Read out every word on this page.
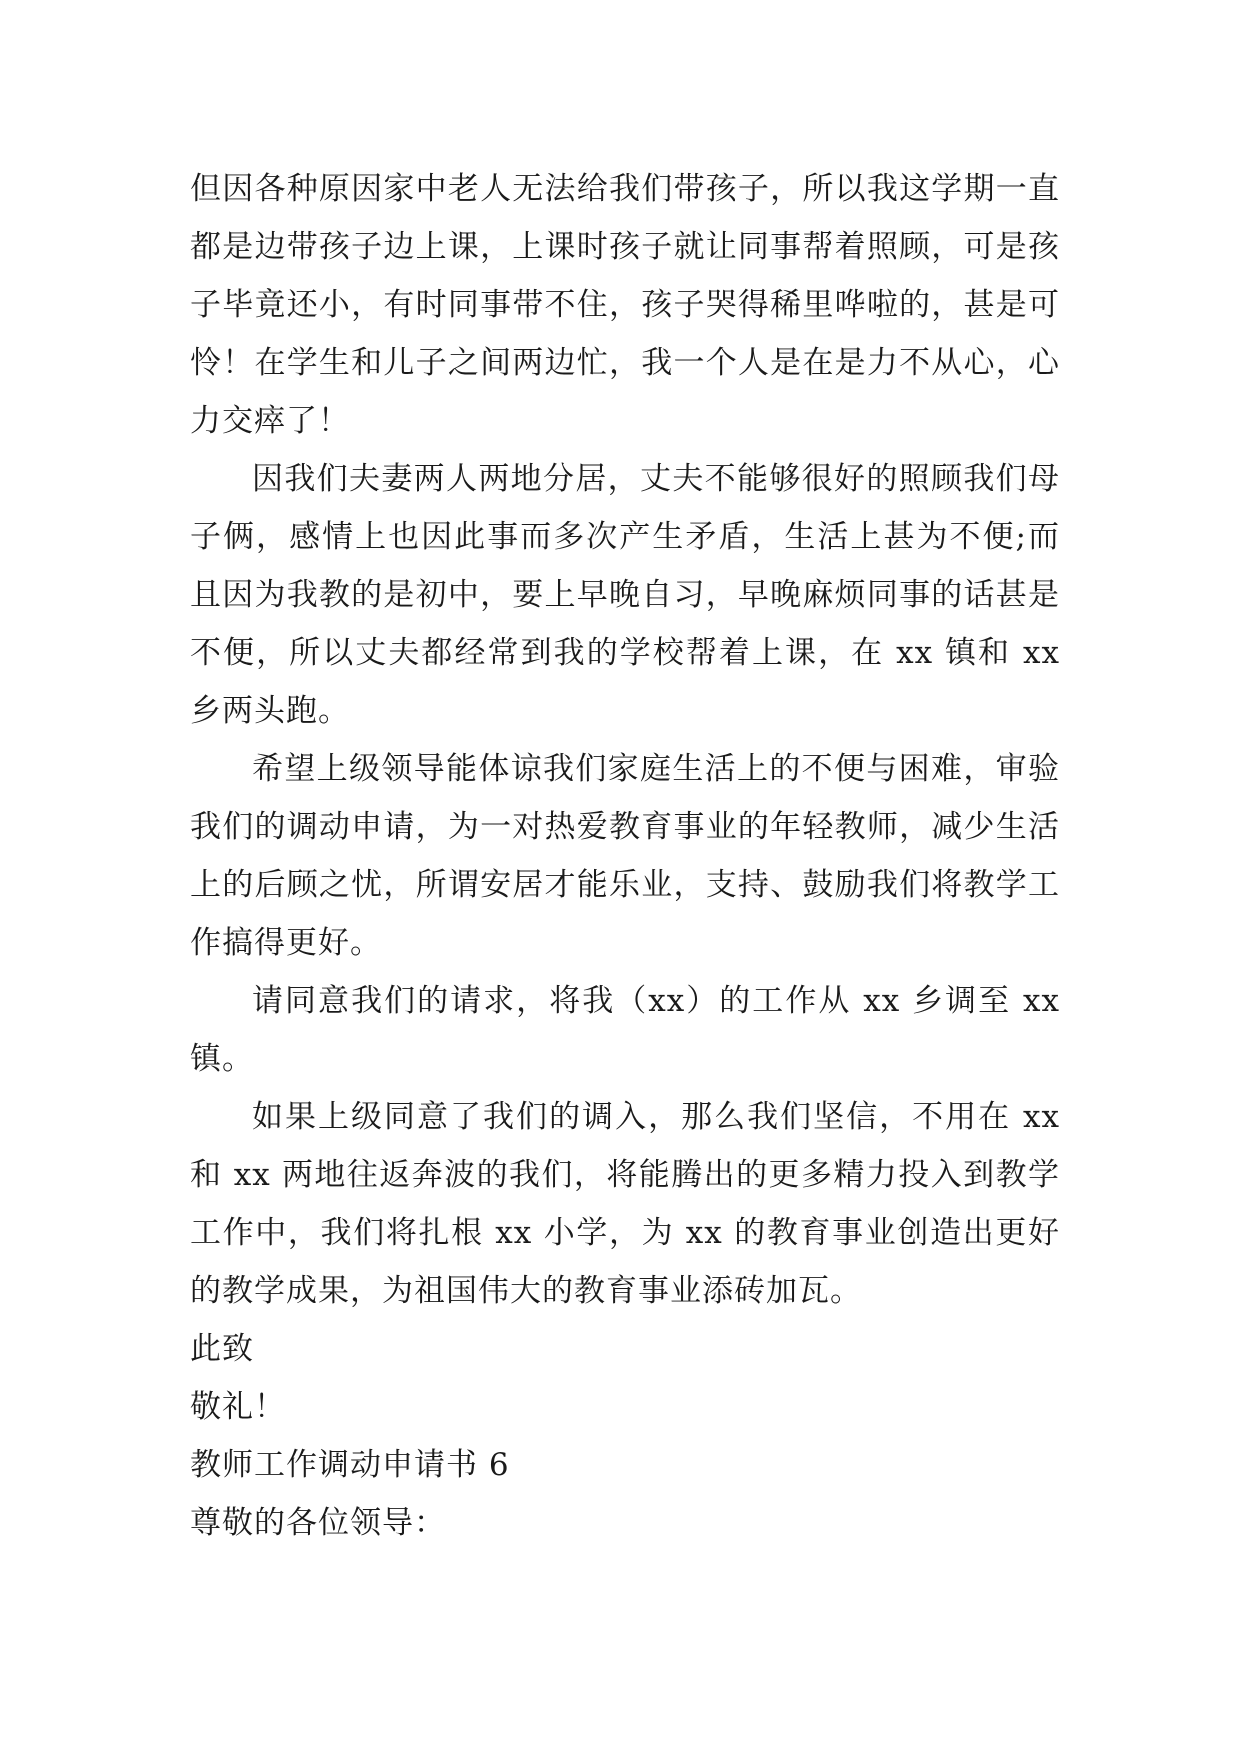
但因各种原因家中老人无法给我们带孩子，所以我这学期一直都是边带孩子边上课，上课时孩子就让同事帮着照顾，可是孩子毕竟还小，有时同事带不住，孩子哭得稀里哗啦的，甚是可怜！在学生和儿子之间两边忙，我一个人是在是力不从心，心力交瘁了！

因我们夫妻两人两地分居，丈夫不能够很好的照顾我们母子俩，感情上也因此事而多次产生矛盾，生活上甚为不便;而且因为我教的是初中，要上早晚自习，早晚麻烦同事的话甚是不便，所以丈夫都经常到我的学校帮着上课，在 xx 镇和 xx 乡两头跑。

希望上级领导能体谅我们家庭生活上的不便与困难，审验我们的调动申请，为一对热爱教育事业的年轻教师，减少生活上的后顾之忧，所谓安居才能乐业，支持、鼓励我们将教学工作搞得更好。

请同意我们的请求，将我（xx）的工作从 xx 乡调至 xx 镇。

如果上级同意了我们的调入，那么我们坚信，不用在 xx 和 xx 两地往返奔波的我们，将能腾出的更多精力投入到教学工作中，我们将扎根 xx 小学，为 xx 的教育事业创造出更好的教学成果，为祖国伟大的教育事业添砖加瓦。

此致

敬礼！

教师工作调动申请书 6

尊敬的各位领导：
